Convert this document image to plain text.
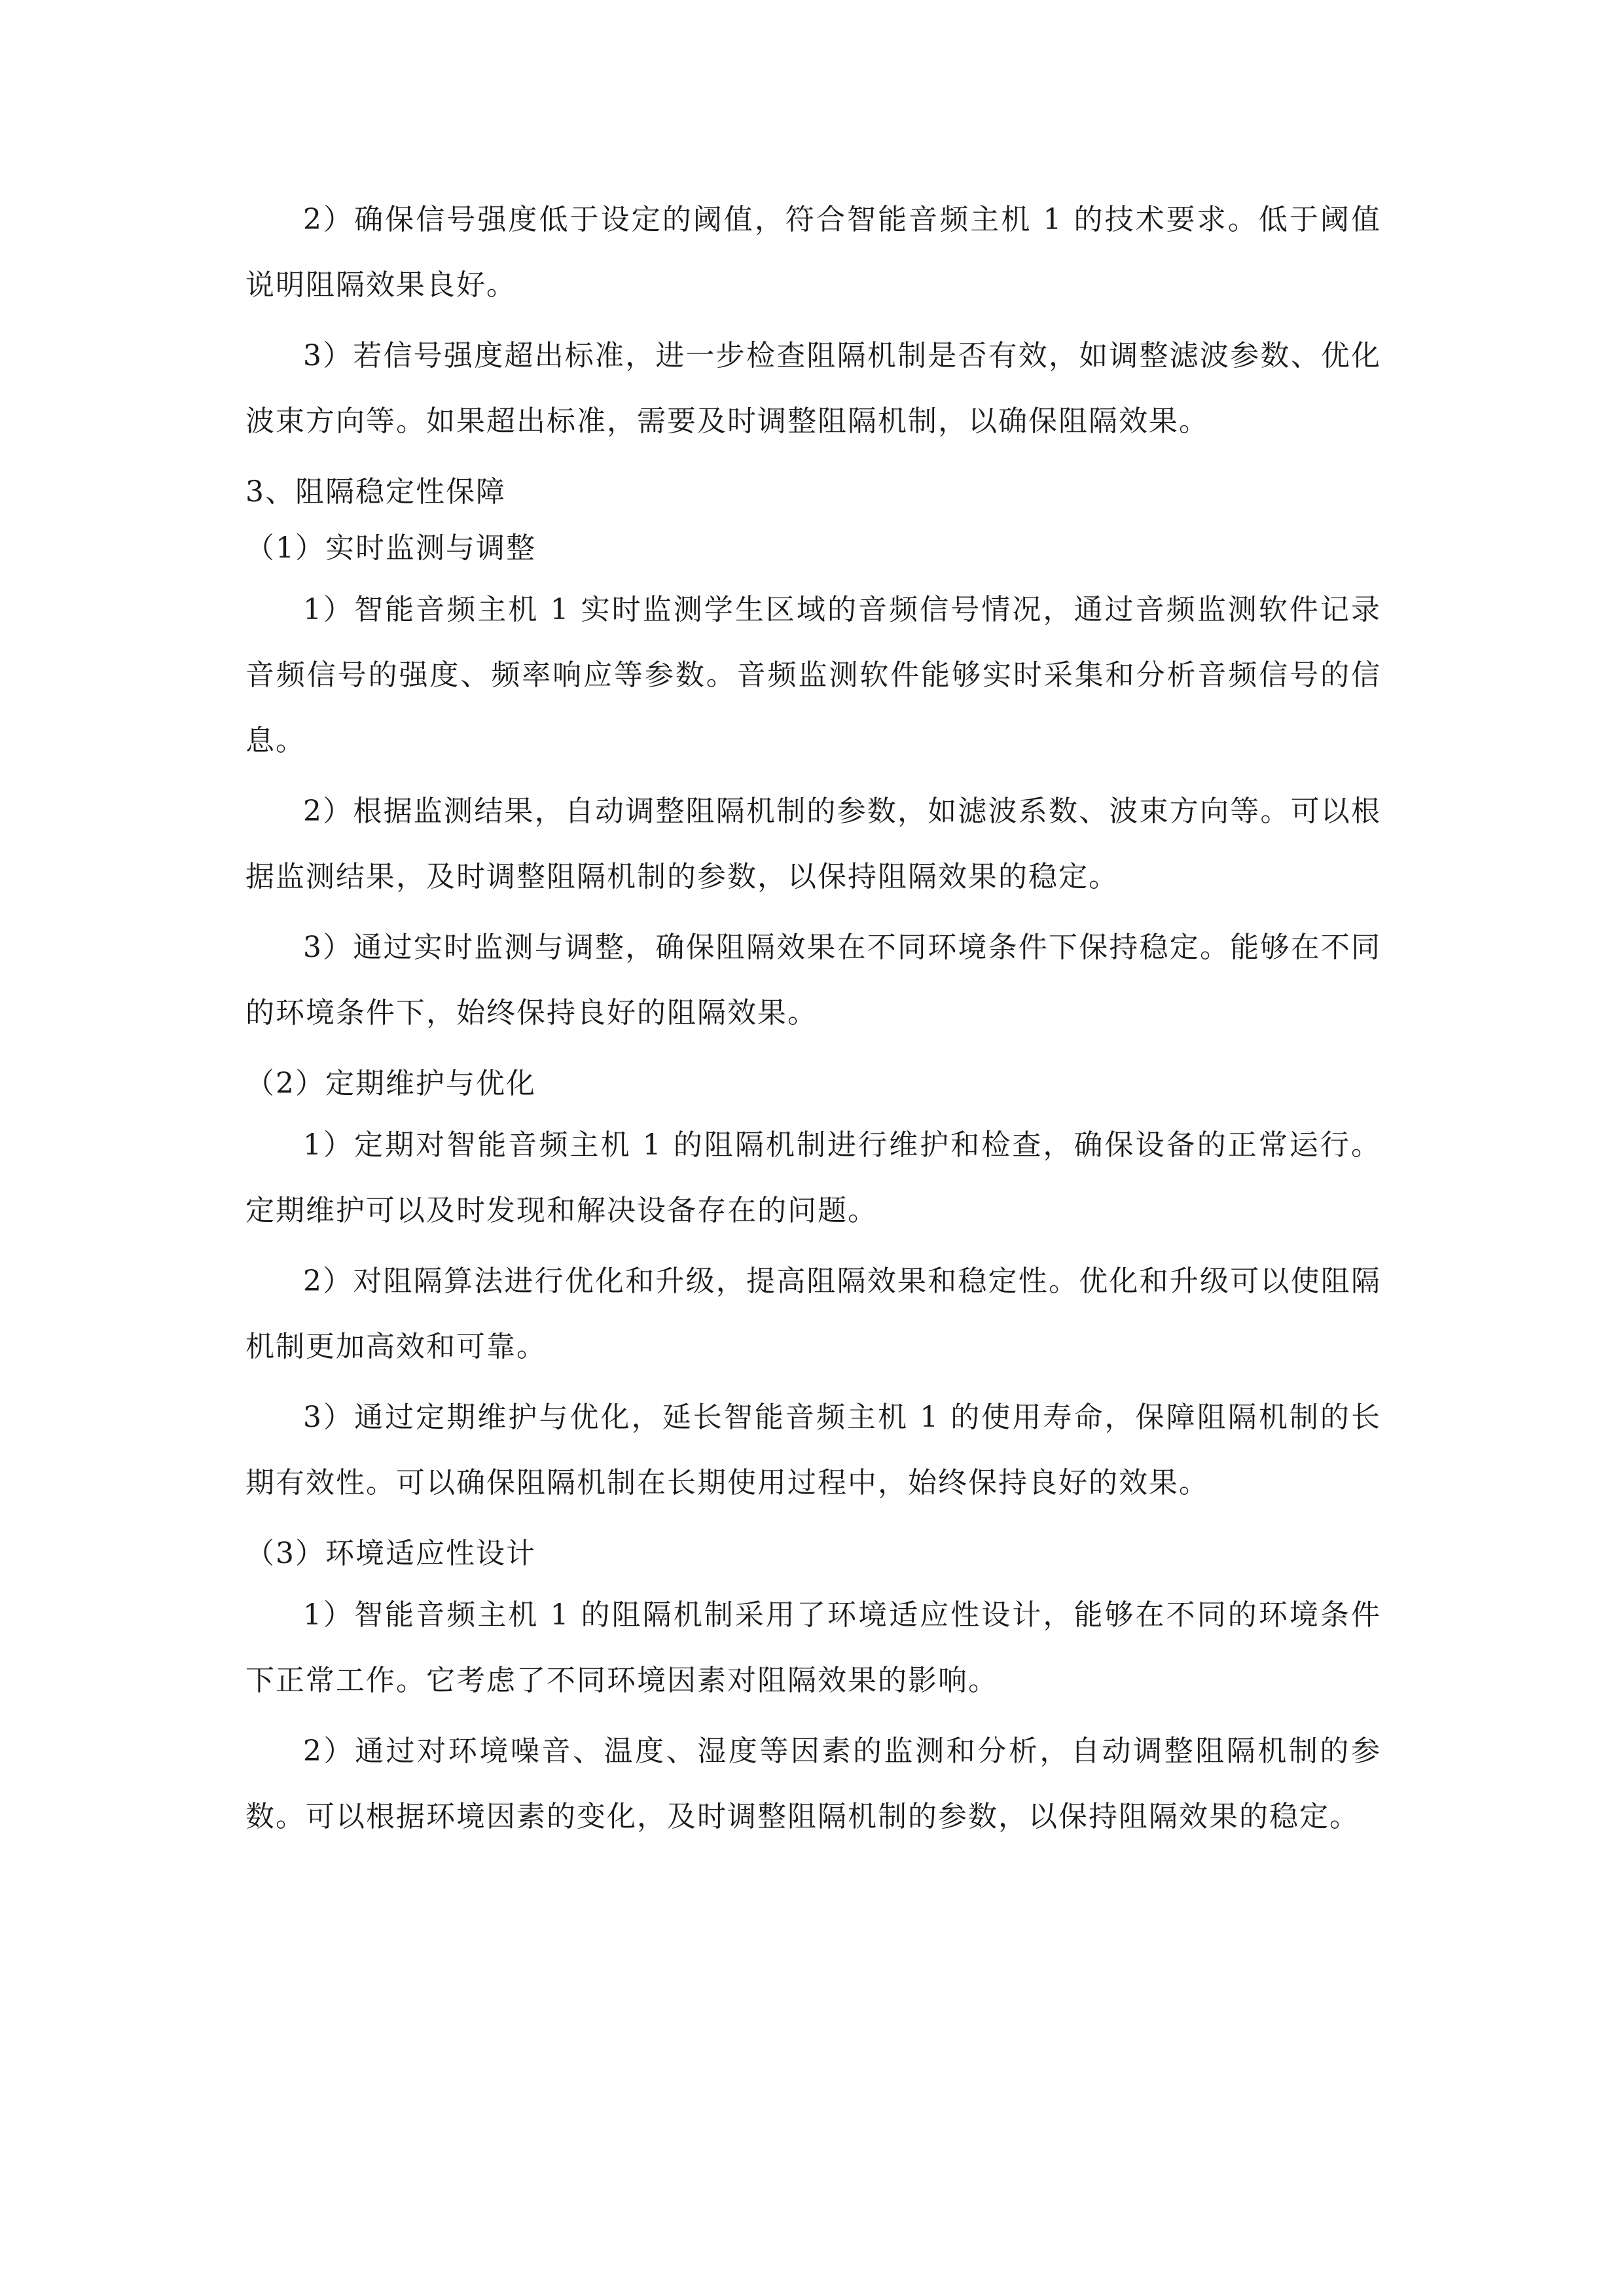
2）确保信号强度低于设定的阈值，符合智能音频主机 1 的技术要求。低于阈值说明阻隔效果良好。

3）若信号强度超出标准，进一步检查阻隔机制是否有效，如调整滤波参数、优化波束方向等。如果超出标准，需要及时调整阻隔机制，以确保阻隔效果。

3、阻隔稳定性保障

（1）实时监测与调整

1）智能音频主机 1 实时监测学生区域的音频信号情况，通过音频监测软件记录音频信号的强度、频率响应等参数。音频监测软件能够实时采集和分析音频信号的信息。

2）根据监测结果，自动调整阻隔机制的参数，如滤波系数、波束方向等。可以根据监测结果，及时调整阻隔机制的参数，以保持阻隔效果的稳定。

3）通过实时监测与调整，确保阻隔效果在不同环境条件下保持稳定。能够在不同的环境条件下，始终保持良好的阻隔效果。

（2）定期维护与优化

1）定期对智能音频主机 1 的阻隔机制进行维护和检查，确保设备的正常运行。定期维护可以及时发现和解决设备存在的问题。

2）对阻隔算法进行优化和升级，提高阻隔效果和稳定性。优化和升级可以使阻隔机制更加高效和可靠。

3）通过定期维护与优化，延长智能音频主机 1 的使用寿命，保障阻隔机制的长期有效性。可以确保阻隔机制在长期使用过程中，始终保持良好的效果。

（3）环境适应性设计

1）智能音频主机 1 的阻隔机制采用了环境适应性设计，能够在不同的环境条件下正常工作。它考虑了不同环境因素对阻隔效果的影响。

2）通过对环境噪音、温度、湿度等因素的监测和分析，自动调整阻隔机制的参数。可以根据环境因素的变化，及时调整阻隔机制的参数，以保持阻隔效果的稳定。
